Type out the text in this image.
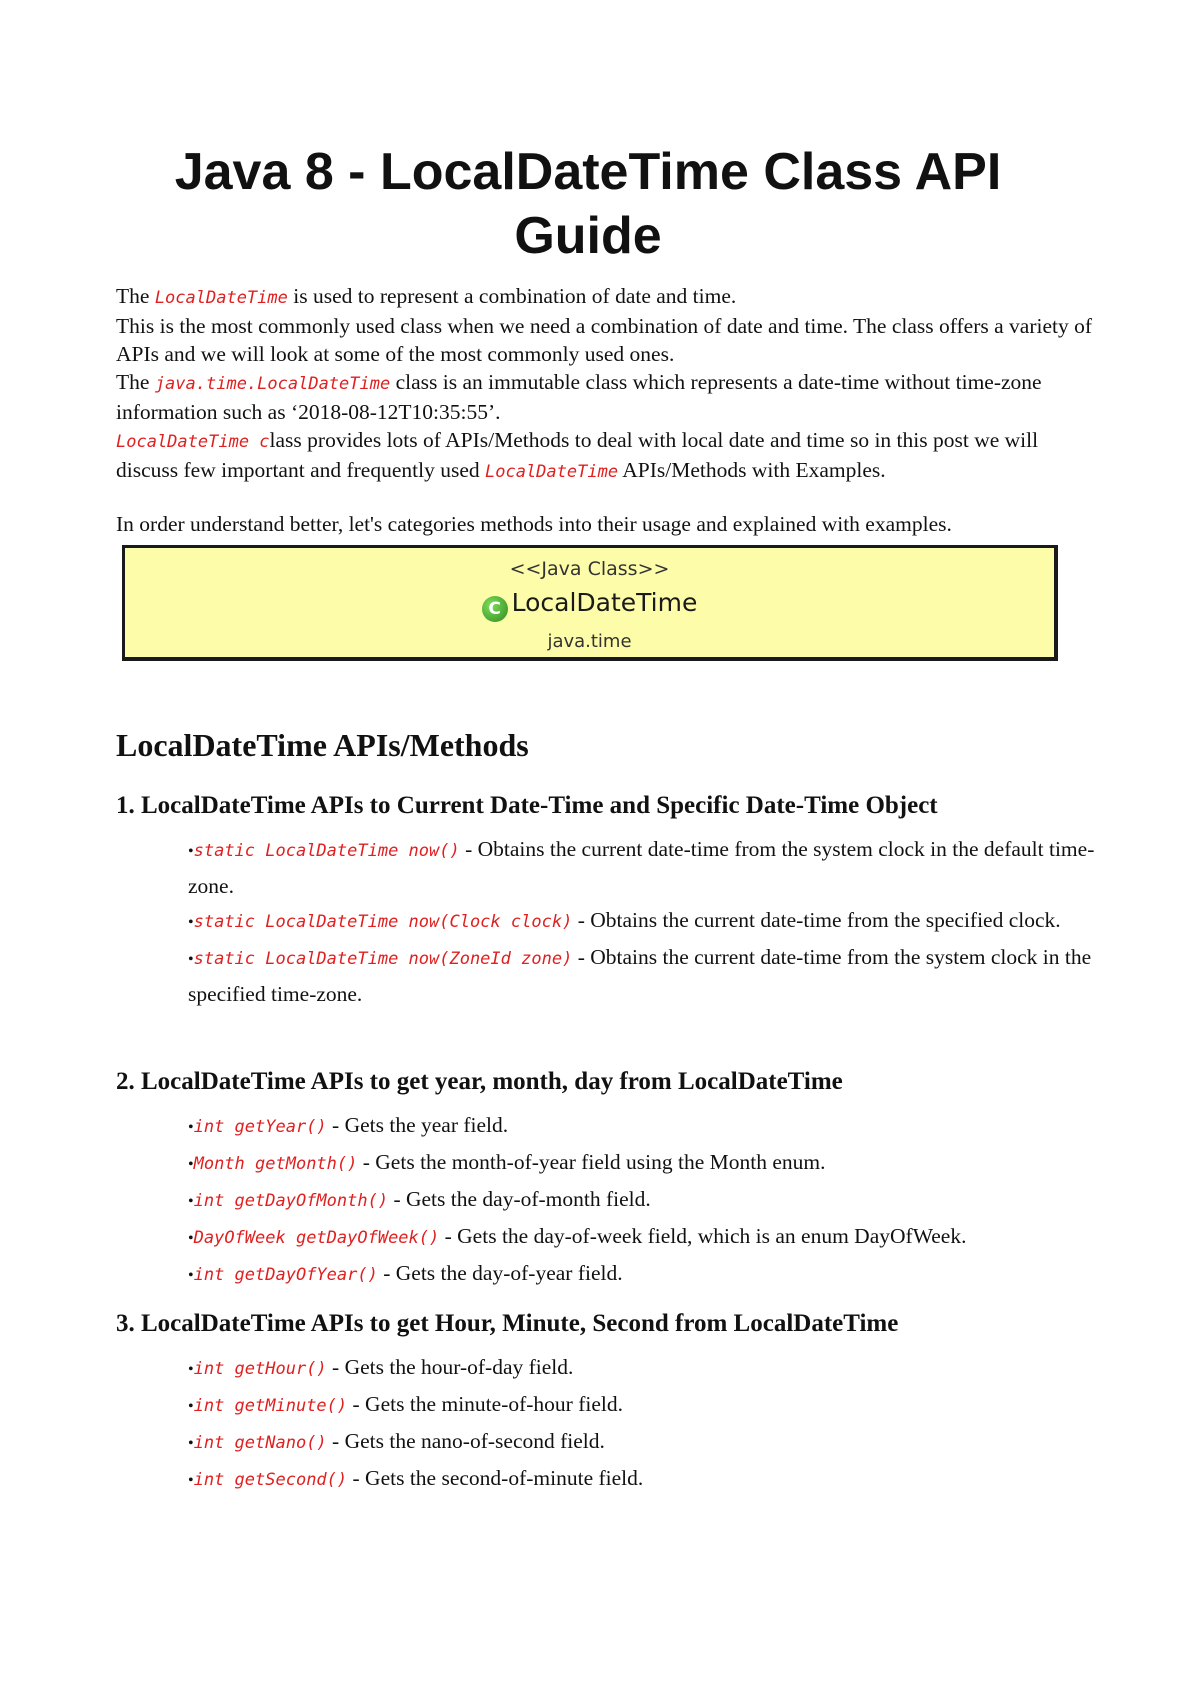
Java 8 - LocalDateTime Class API Guide

The LocalDateTime is used to represent a combination of date and time.

This is the most commonly used class when we need a combination of date and time. The class offers a variety of APIs and we will look at some of the most commonly used ones.

The java.time.LocalDateTime class is an immutable class which represents a date-time without time-zone information such as ‘2018-08-12T10:35:55’.

LocalDateTime class provides lots of APIs/Methods to deal with local date and time so in this post we will discuss few important and frequently used LocalDateTime APIs/Methods with Examples.

In order understand better, let's categories methods into their usage and explained with examples.

<<Java Class>>
C LocalDateTime
java.time
LocalDateTime APIs/Methods
1. LocalDateTime APIs to Current Date-Time and Specific Date-Time Object
•static LocalDateTime now() - Obtains the current date-time from the system clock in the default time-zone.
•static LocalDateTime now(Clock clock) - Obtains the current date-time from the specified clock.
•static LocalDateTime now(ZoneId zone) - Obtains the current date-time from the system clock in the specified time-zone.
2. LocalDateTime APIs to get year, month, day from LocalDateTime
•int getYear() - Gets the year field.
•Month getMonth() - Gets the month-of-year field using the Month enum.
•int getDayOfMonth() - Gets the day-of-month field.
•DayOfWeek getDayOfWeek() - Gets the day-of-week field, which is an enum DayOfWeek.
•int getDayOfYear() - Gets the day-of-year field.
3. LocalDateTime APIs to get Hour, Minute, Second from LocalDateTime
•int getHour() - Gets the hour-of-day field.
•int getMinute() - Gets the minute-of-hour field.
•int getNano() - Gets the nano-of-second field.
•int getSecond() - Gets the second-of-minute field.
